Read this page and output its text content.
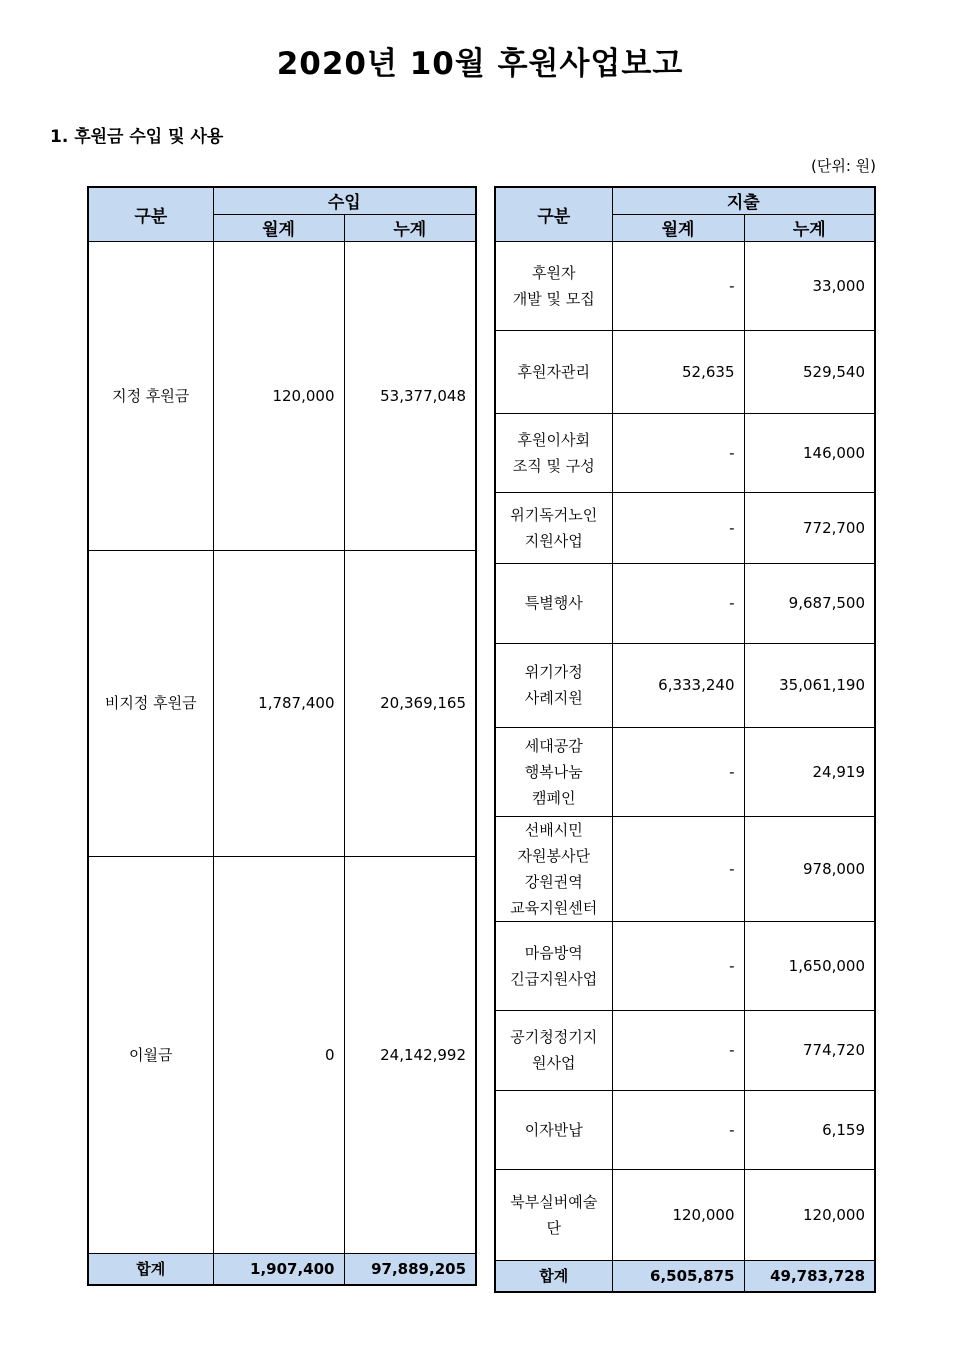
2020년 10월 후원사업보고
1. 후원금 수입 및 사용
(단위: 원)
구분	수입	
	월계	누계
지정 후원금	120,000	53,377,048
비지정 후원금	1,787,400	20,369,165
이월금	0	24,142,992
합계	1,907,400	97,889,205
구분	지출	
	월계	누계

후원자
개발 및 모집	-	33,000

후원자관리	52,635	529,540

후원이사회
조직 및 구성	-	146,000

위기독거노인
지원사업	-	772,700

특별행사	-	9,687,500

위기가정
사례지원	6,333,240	35,061,190

세대공감
행복나눔
캠페인	-	24,919

선배시민
자원봉사단
강원권역
교육지원센터	-	978,000

마음방역
긴급지원사업	-	1,650,000

공기청정기지
원사업	-	774,720

이자반납	-	6,159

북부실버예술
단	120,000	120,000
합계	6,505,875	49,783,728
